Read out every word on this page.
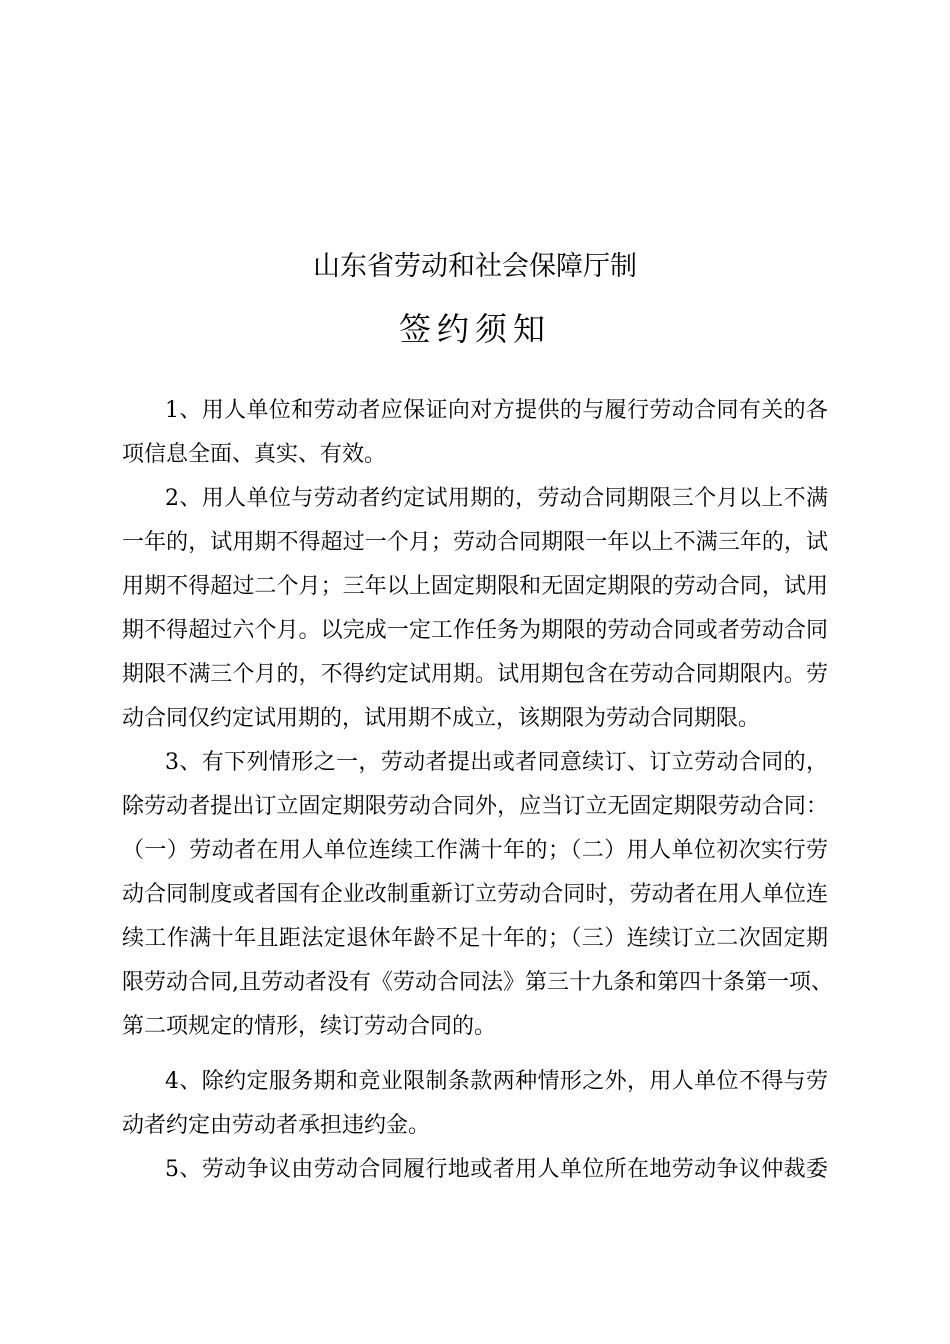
山东省劳动和社会保障厅制
签约须知
1、用人单位和劳动者应保证向对方提供的与履行劳动合同有关的各
项信息全面、真实、有效。
2、用人单位与劳动者约定试用期的，劳动合同期限三个月以上不满
一年的，试用期不得超过一个月；劳动合同期限一年以上不满三年的，试
用期不得超过二个月；三年以上固定期限和无固定期限的劳动合同，试用
期不得超过六个月。以完成一定工作任务为期限的劳动合同或者劳动合同
期限不满三个月的，不得约定试用期。试用期包含在劳动合同期限内。劳
动合同仅约定试用期的，试用期不成立，该期限为劳动合同期限。
3、有下列情形之一，劳动者提出或者同意续订、订立劳动合同的，
除劳动者提出订立固定期限劳动合同外，应当订立无固定期限劳动合同：
（一）劳动者在用人单位连续工作满十年的；（二）用人单位初次实行劳
动合同制度或者国有企业改制重新订立劳动合同时，劳动者在用人单位连
续工作满十年且距法定退休年龄不足十年的；（三）连续订立二次固定期
限劳动合同,且劳动者没有《劳动合同法》第三十九条和第四十条第一项、
第二项规定的情形，续订劳动合同的。
4、除约定服务期和竞业限制条款两种情形之外，用人单位不得与劳
动者约定由劳动者承担违约金。
5、劳动争议由劳动合同履行地或者用人单位所在地劳动争议仲裁委
